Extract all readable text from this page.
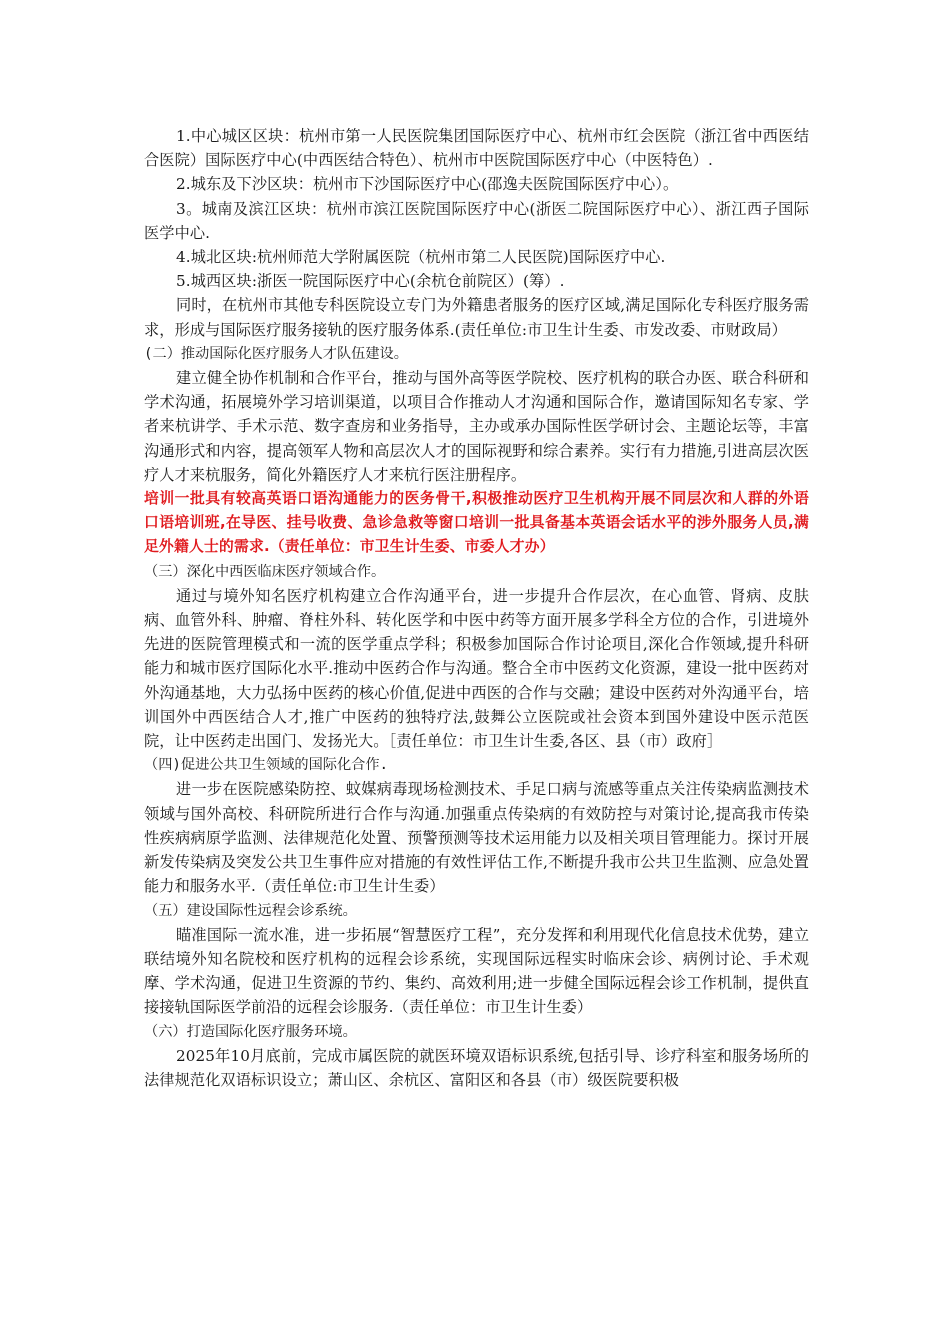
1.中心城区区块：杭州市第一人民医院集团国际医疗中心、杭州市红会医院（浙江省中西医结合医院）国际医疗中心(中西医结合特色）、杭州市中医院国际医疗中心（中医特色）.

2.城东及下沙区块：杭州市下沙国际医疗中心(邵逸夫医院国际医疗中心）。

3。城南及滨江区块：杭州市滨江医院国际医疗中心(浙医二院国际医疗中心）、浙江西子国际医学中心.

4.城北区块:杭州师范大学附属医院（杭州市第二人民医院)国际医疗中心.

5.城西区块:浙医一院国际医疗中心(余杭仓前院区）(筹）.

同时，在杭州市其他专科医院设立专门为外籍患者服务的医疗区域,满足国际化专科医疗服务需求，形成与国际医疗服务接轨的医疗服务体系.(责任单位:市卫生计生委、市发改委、市财政局）

(二）推动国际化医疗服务人才队伍建设。

建立健全协作机制和合作平台，推动与国外高等医学院校、医疗机构的联合办医、联合科研和学术沟通，拓展境外学习培训渠道，以项目合作推动人才沟通和国际合作，邀请国际知名专家、学者来杭讲学、手术示范、数字查房和业务指导，主办或承办国际性医学研讨会、主题论坛等，丰富沟通形式和内容，提高领军人物和高层次人才的国际视野和综合素养。实行有力措施,引进高层次医疗人才来杭服务，简化外籍医疗人才来杭行医注册程序。

培训一批具有较高英语口语沟通能力的医务骨干,积极推动医疗卫生机构开展不同层次和人群的外语口语培训班,在导医、挂号收费、急诊急救等窗口培训一批具备基本英语会话水平的涉外服务人员,满足外籍人士的需求.（责任单位：市卫生计生委、市委人才办）

（三）深化中西医临床医疗领域合作。

通过与境外知名医疗机构建立合作沟通平台，进一步提升合作层次，在心血管、肾病、皮肤病、血管外科、肿瘤、脊柱外科、转化医学和中医中药等方面开展多学科全方位的合作，引进境外先进的医院管理模式和一流的医学重点学科；积极参加国际合作讨论项目,深化合作领域,提升科研能力和城市医疗国际化水平.推动中医药合作与沟通。整合全市中医药文化资源，建设一批中医药对外沟通基地，大力弘扬中医药的核心价值,促进中西医的合作与交融；建设中医药对外沟通平台，培训国外中西医结合人才,推广中医药的独特疗法,鼓舞公立医院或社会资本到国外建设中医示范医院，让中医药走出国门、发扬光大。［责任单位：市卫生计生委,各区、县（市）政府］

（四)促进公共卫生领域的国际化合作.

进一步在医院感染防控、蚊媒病毒现场检测技术、手足口病与流感等重点关注传染病监测技术领域与国外高校、科研院所进行合作与沟通.加强重点传染病的有效防控与对策讨论,提高我市传染性疾病病原学监测、法律规范化处置、预警预测等技术运用能力以及相关项目管理能力。探讨开展新发传染病及突发公共卫生事件应对措施的有效性评估工作,不断提升我市公共卫生监测、应急处置能力和服务水平.（责任单位:市卫生计生委）

（五）建设国际性远程会诊系统。

瞄准国际一流水准，进一步拓展“智慧医疗工程”，充分发挥和利用现代化信息技术优势，建立联结境外知名院校和医疗机构的远程会诊系统，实现国际远程实时临床会诊、病例讨论、手术观摩、学术沟通，促进卫生资源的节约、集约、高效利用;进一步健全国际远程会诊工作机制，提供直接接轨国际医学前沿的远程会诊服务.（责任单位：市卫生计生委）

（六）打造国际化医疗服务环境。

2025年10月底前，完成市属医院的就医环境双语标识系统,包括引导、诊疗科室和服务场所的法律规范化双语标识设立；萧山区、余杭区、富阳区和各县（市）级医院要积极
